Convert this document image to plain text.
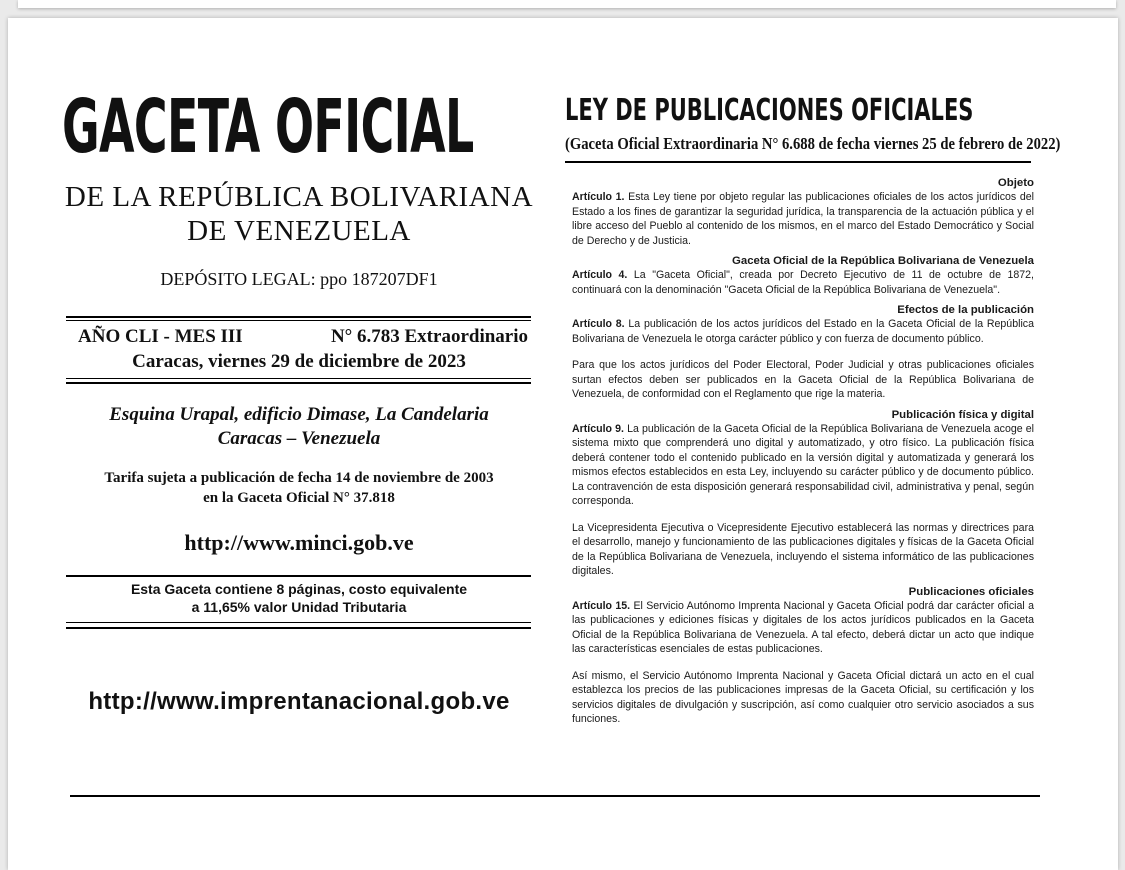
GACETA OFICIAL
DE LA REPÚBLICA BOLIVARIANA
DE VENEZUELA
DEPÓSITO LEGAL: ppo 187207DF1
AÑO CLI - MES III	N° 6.783 Extraordinario
Caracas, viernes 29 de diciembre de 2023
Esquina Urapal, edificio Dimase, La Candelaria
Caracas – Venezuela
Tarifa sujeta a publicación de fecha 14 de noviembre de 2003
en la Gaceta Oficial N° 37.818
http://www.minci.gob.ve
Esta Gaceta contiene 8 páginas, costo equivalente
a 11,65% valor Unidad Tributaria
http://www.imprentanacional.gob.ve
LEY DE PUBLICACIONES OFICIALES
(Gaceta Oficial Extraordinaria N° 6.688 de fecha viernes 25 de febrero de 2022)
Objeto
Artículo 1. Esta Ley tiene por objeto regular las publicaciones oficiales de los actos jurídicos del Estado a los fines de garantizar la seguridad jurídica, la transparencia de la actuación pública y el libre acceso del Pueblo al contenido de los mismos, en el marco del Estado Democrático y Social de Derecho y de Justicia.
Gaceta Oficial de la República Bolivariana de Venezuela
Artículo 4. La "Gaceta Oficial", creada por Decreto Ejecutivo de 11 de octubre de 1872, continuará con la denominación "Gaceta Oficial de la República Bolivariana de Venezuela".
Efectos de la publicación
Artículo 8. La publicación de los actos jurídicos del Estado en la Gaceta Oficial de la República Bolivariana de Venezuela le otorga carácter público y con fuerza de documento público.
Para que los actos jurídicos del Poder Electoral, Poder Judicial y otras publicaciones oficiales surtan efectos deben ser publicados en la Gaceta Oficial de la República Bolivariana de Venezuela, de conformidad con el Reglamento que rige la materia.
Publicación física y digital
Artículo 9. La publicación de la Gaceta Oficial de la República Bolivariana de Venezuela acoge el sistema mixto que comprenderá uno digital y automatizado, y otro físico. La publicación física deberá contener todo el contenido publicado en la versión digital y automatizada y generará los mismos efectos establecidos en esta Ley, incluyendo su carácter público y de documento público. La contravención de esta disposición generará responsabilidad civil, administrativa y penal, según corresponda.
La Vicepresidenta Ejecutiva o Vicepresidente Ejecutivo establecerá las normas y directrices para el desarrollo, manejo y funcionamiento de las publicaciones digitales y físicas de la Gaceta Oficial de la República Bolivariana de Venezuela, incluyendo el sistema informático de las publicaciones digitales.
Publicaciones oficiales
Artículo 15. El Servicio Autónomo Imprenta Nacional y Gaceta Oficial podrá dar carácter oficial a las publicaciones y ediciones físicas y digitales de los actos jurídicos publicados en la Gaceta Oficial de la República Bolivariana de Venezuela. A tal efecto, deberá dictar un acto que indique las características esenciales de estas publicaciones.
Así mismo, el Servicio Autónomo Imprenta Nacional y Gaceta Oficial dictará un acto en el cual establezca los precios de las publicaciones impresas de la Gaceta Oficial, su certificación y los servicios digitales de divulgación y suscripción, así como cualquier otro servicio asociados a sus funciones.
